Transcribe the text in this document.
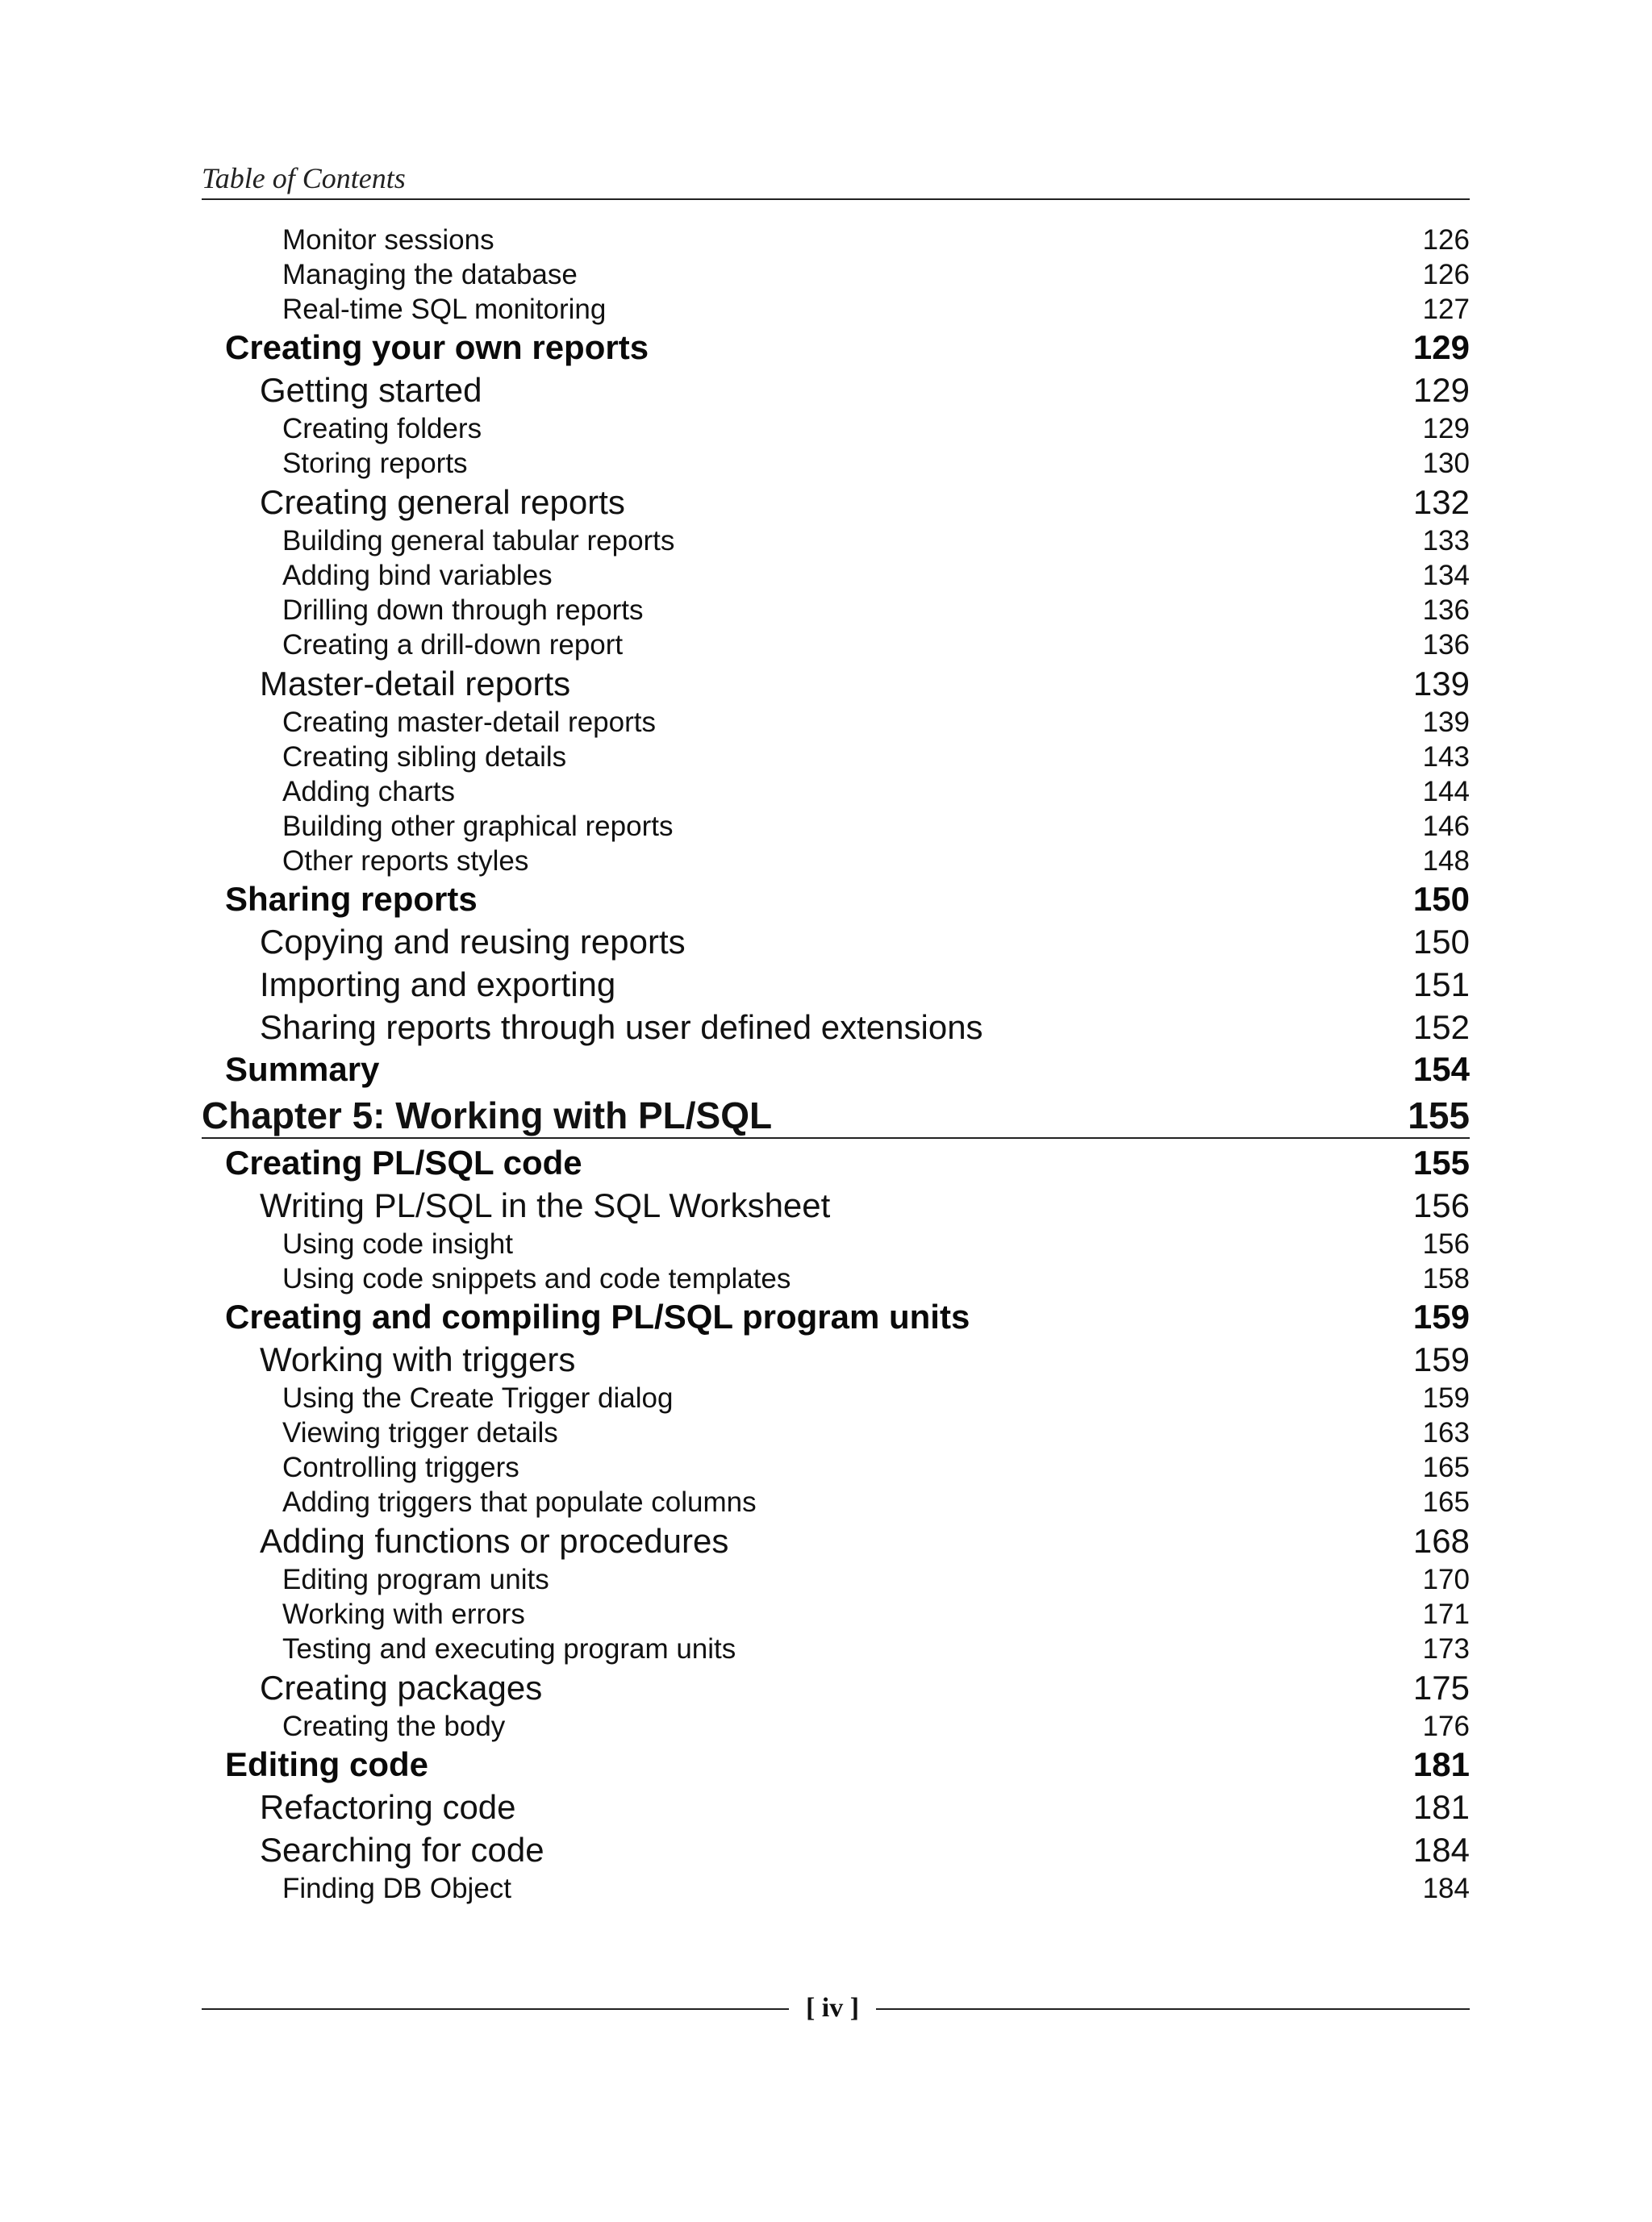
Table of Contents
Monitor sessions	126
Managing the database	126
Real-time SQL monitoring	127
Creating your own reports	129
Getting started	129
Creating folders	129
Storing reports	130
Creating general reports	132
Building general tabular reports	133
Adding bind variables	134
Drilling down through reports	136
Creating a drill-down report	136
Master-detail reports	139
Creating master-detail reports	139
Creating sibling details	143
Adding charts	144
Building other graphical reports	146
Other reports styles	148
Sharing reports	150
Copying and reusing reports	150
Importing and exporting	151
Sharing reports through user defined extensions	152
Summary	154
Chapter 5: Working with PL/SQL	155
Creating PL/SQL code	155
Writing PL/SQL in the SQL Worksheet	156
Using code insight	156
Using code snippets and code templates	158
Creating and compiling PL/SQL program units	159
Working with triggers	159
Using the Create Trigger dialog	159
Viewing trigger details	163
Controlling triggers	165
Adding triggers that populate columns	165
Adding functions or procedures	168
Editing program units	170
Working with errors	171
Testing and executing program units	173
Creating packages	175
Creating the body	176
Editing code	181
Refactoring code	181
Searching for code	184
Finding DB Object	184
[ iv ]
